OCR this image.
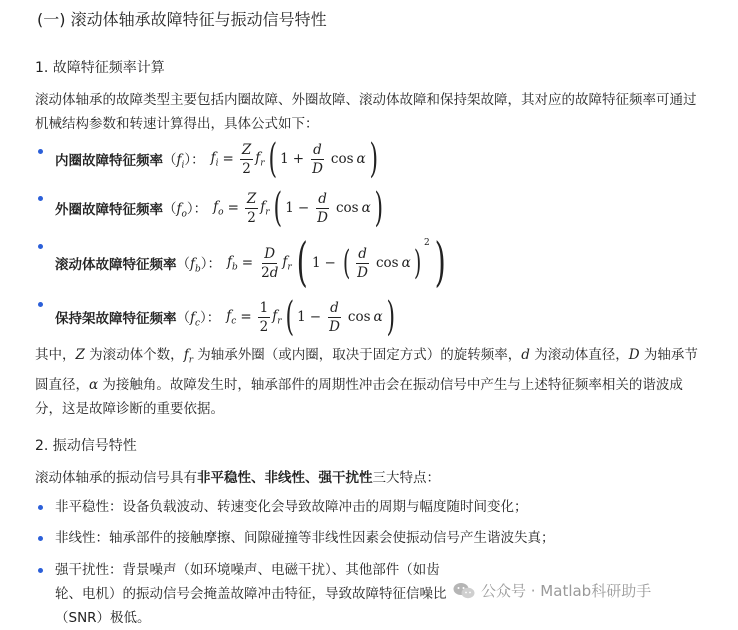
(一) 滚动体轴承故障特征与振动信号特性
1. 故障特征频率计算
滚动体轴承的故障类型主要包括内圈故障、外圈故障、滚动体故障和保持架故障，其对应的故障特征频率可通过机械结构参数和转速计算得出，具体公式如下：
内圈故障特征频率 $(f_i)$： $f_i = \frac{Z}{2} f_r$ ( $1 + \frac{d}{D}$ cos α )
外圈故障特征频率 $(f_o)$： $f_o = \frac{Z}{2} f_r$ ( $1 - \frac{d}{D}$ cos α )
滚动体故障特征频率 $(f_b)$： $f_b = \frac{D}{2d} f_r$ ( 1 − ( $\frac{d}{D}$ cos α ) 2 )
保持架故障特征频率 $(f_c)$： $f_c = \frac{1}{2} f_r$ ( $1 - \frac{d}{D}$ cos α )
其中，Z 为滚动体个数，$f_r$ 为轴承外圈（或内圈，取决于固定方式）的旋转频率，d 为滚动体直径，D 为轴承节圆直径，α 为接触角。故障发生时，轴承部件的周期性冲击会在振动信号中产生与上述特征频率相关的谐波成分，这是故障诊断的重要依据。
2. 振动信号特性
滚动体轴承的振动信号具有非平稳性、非线性、强干扰性三大特点：
非平稳性：设备负载波动、转速变化会导致故障冲击的周期与幅度随时间变化；
非线性：轴承部件的接触摩擦、间隙碰撞等非线性因素会使振动信号产生谐波失真；
强干扰性：背景噪声（如环境噪声、电磁干扰）、其他部件（如齿轮、电机）的振动信号会掩盖故障冲击特征，导致故障特征信噪比（SNR）极低。
公众号 · Matlab科研助手
